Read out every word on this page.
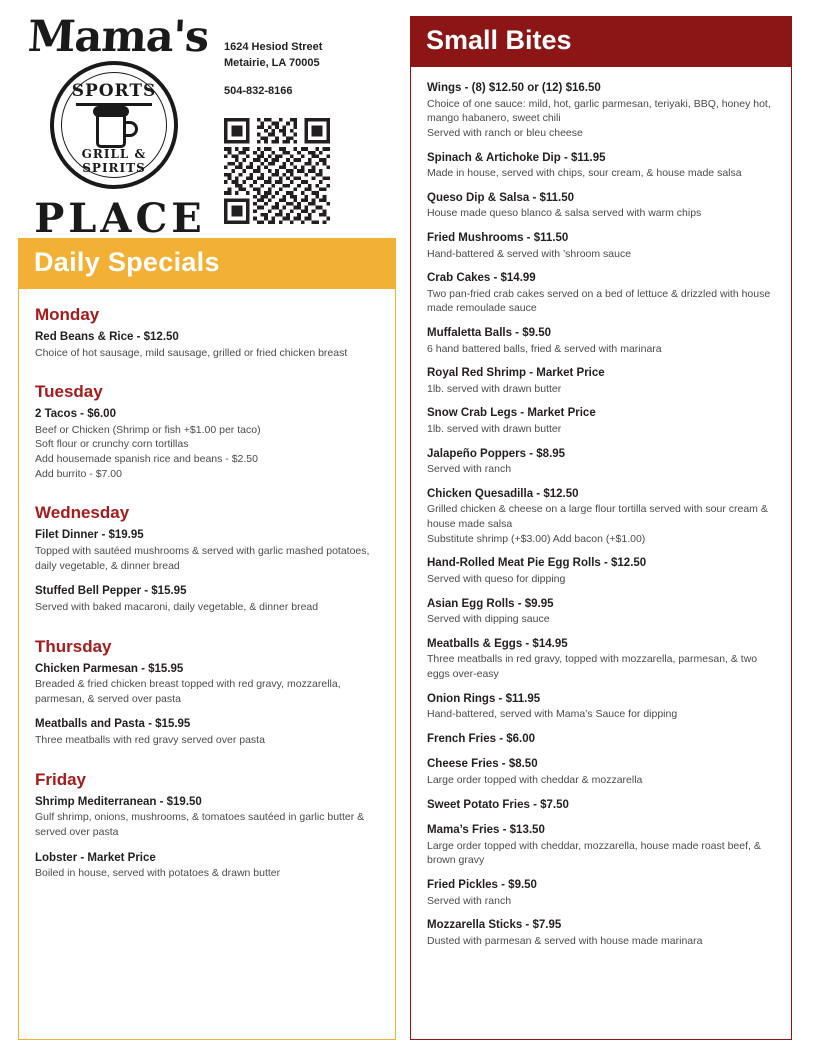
Mama's
SPORTS
GRILL & SPIRITS
PLACE
1624 Hesiod Street
Metairie, LA 70005
504-832-8166
Daily Specials
Monday
Red Beans & Rice - $12.50
Choice of hot sausage, mild sausage, grilled or fried chicken breast
Tuesday
2 Tacos - $6.00
Beef or Chicken (Shrimp or fish +$1.00 per taco)
Soft flour or crunchy corn tortillas
Add housemade spanish rice and beans - $2.50
Add burrito - $7.00
Wednesday
Filet Dinner - $19.95
Topped with sautéed mushrooms & served with garlic mashed potatoes, daily vegetable, & dinner bread
Stuffed Bell Pepper - $15.95
Served with baked macaroni, daily vegetable, & dinner bread
Thursday
Chicken Parmesan - $15.95
Breaded & fried chicken breast topped with red gravy, mozzarella, parmesan, & served over pasta
Meatballs and Pasta - $15.95
Three meatballs with red gravy served over pasta
Friday
Shrimp Mediterranean - $19.50
Gulf shrimp, onions, mushrooms, & tomatoes sautéed in garlic butter & served over pasta
Lobster - Market Price
Boiled in house, served with potatoes & drawn butter
Small Bites
Wings - (8) $12.50 or (12) $16.50
Choice of one sauce: mild, hot, garlic parmesan, teriyaki, BBQ, honey hot, mango habanero, sweet chili
Served with ranch or bleu cheese
Spinach & Artichoke Dip - $11.95
Made in house, served with chips, sour cream, & house made salsa
Queso Dip & Salsa - $11.50
House made queso blanco & salsa served with warm chips
Fried Mushrooms - $11.50
Hand-battered & served with ’shroom sauce
Crab Cakes - $14.99
Two pan-fried crab cakes served on a bed of lettuce & drizzled with house made remoulade sauce
Muffaletta Balls - $9.50
6 hand battered balls, fried & served with marinara
Royal Red Shrimp - Market Price
1lb. served with drawn butter
Snow Crab Legs - Market Price
1lb. served with drawn butter
Jalapeño Poppers - $8.95
Served with ranch
Chicken Quesadilla - $12.50
Grilled chicken & cheese on a large flour tortilla served with sour cream & house made salsa
Substitute shrimp (+$3.00) Add bacon (+$1.00)
Hand-Rolled Meat Pie Egg Rolls - $12.50
Served with queso for dipping
Asian Egg Rolls - $9.95
Served with dipping sauce
Meatballs & Eggs - $14.95
Three meatballs in red gravy, topped with mozzarella, parmesan, & two eggs over-easy
Onion Rings - $11.95
Hand-battered, served with Mama’s Sauce for dipping
French Fries - $6.00
Cheese Fries - $8.50
Large order topped with cheddar & mozzarella
Sweet Potato Fries - $7.50
Mama’s Fries - $13.50
Large order topped with cheddar, mozzarella, house made roast beef, & brown gravy
Fried Pickles - $9.50
Served with ranch
Mozzarella Sticks - $7.95
Dusted with parmesan & served with house made marinara
